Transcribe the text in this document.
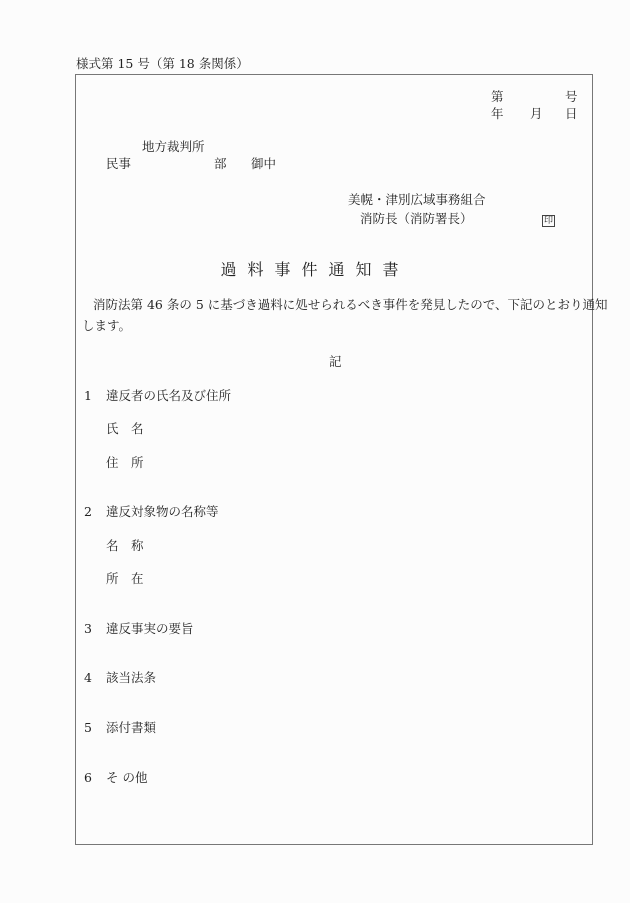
様式第 15 号（第 18 条関係）
第	号
年 月 日
地方裁判所
民事	部 御中
美幌・津別広域事務組合
消防長（消防署長）	印
過料事件通知書
消防法第 46 条の 5 に基づき過料に処せられるべき事件を発見したので、下記のとおり通知
します。
記
1 違反者の氏名及び住所
氏　名
住　所
2 違反対象物の名称等
名　称
所　在
3 違反事実の要旨
4 該当法条
5 添付書類
6 そ の他
